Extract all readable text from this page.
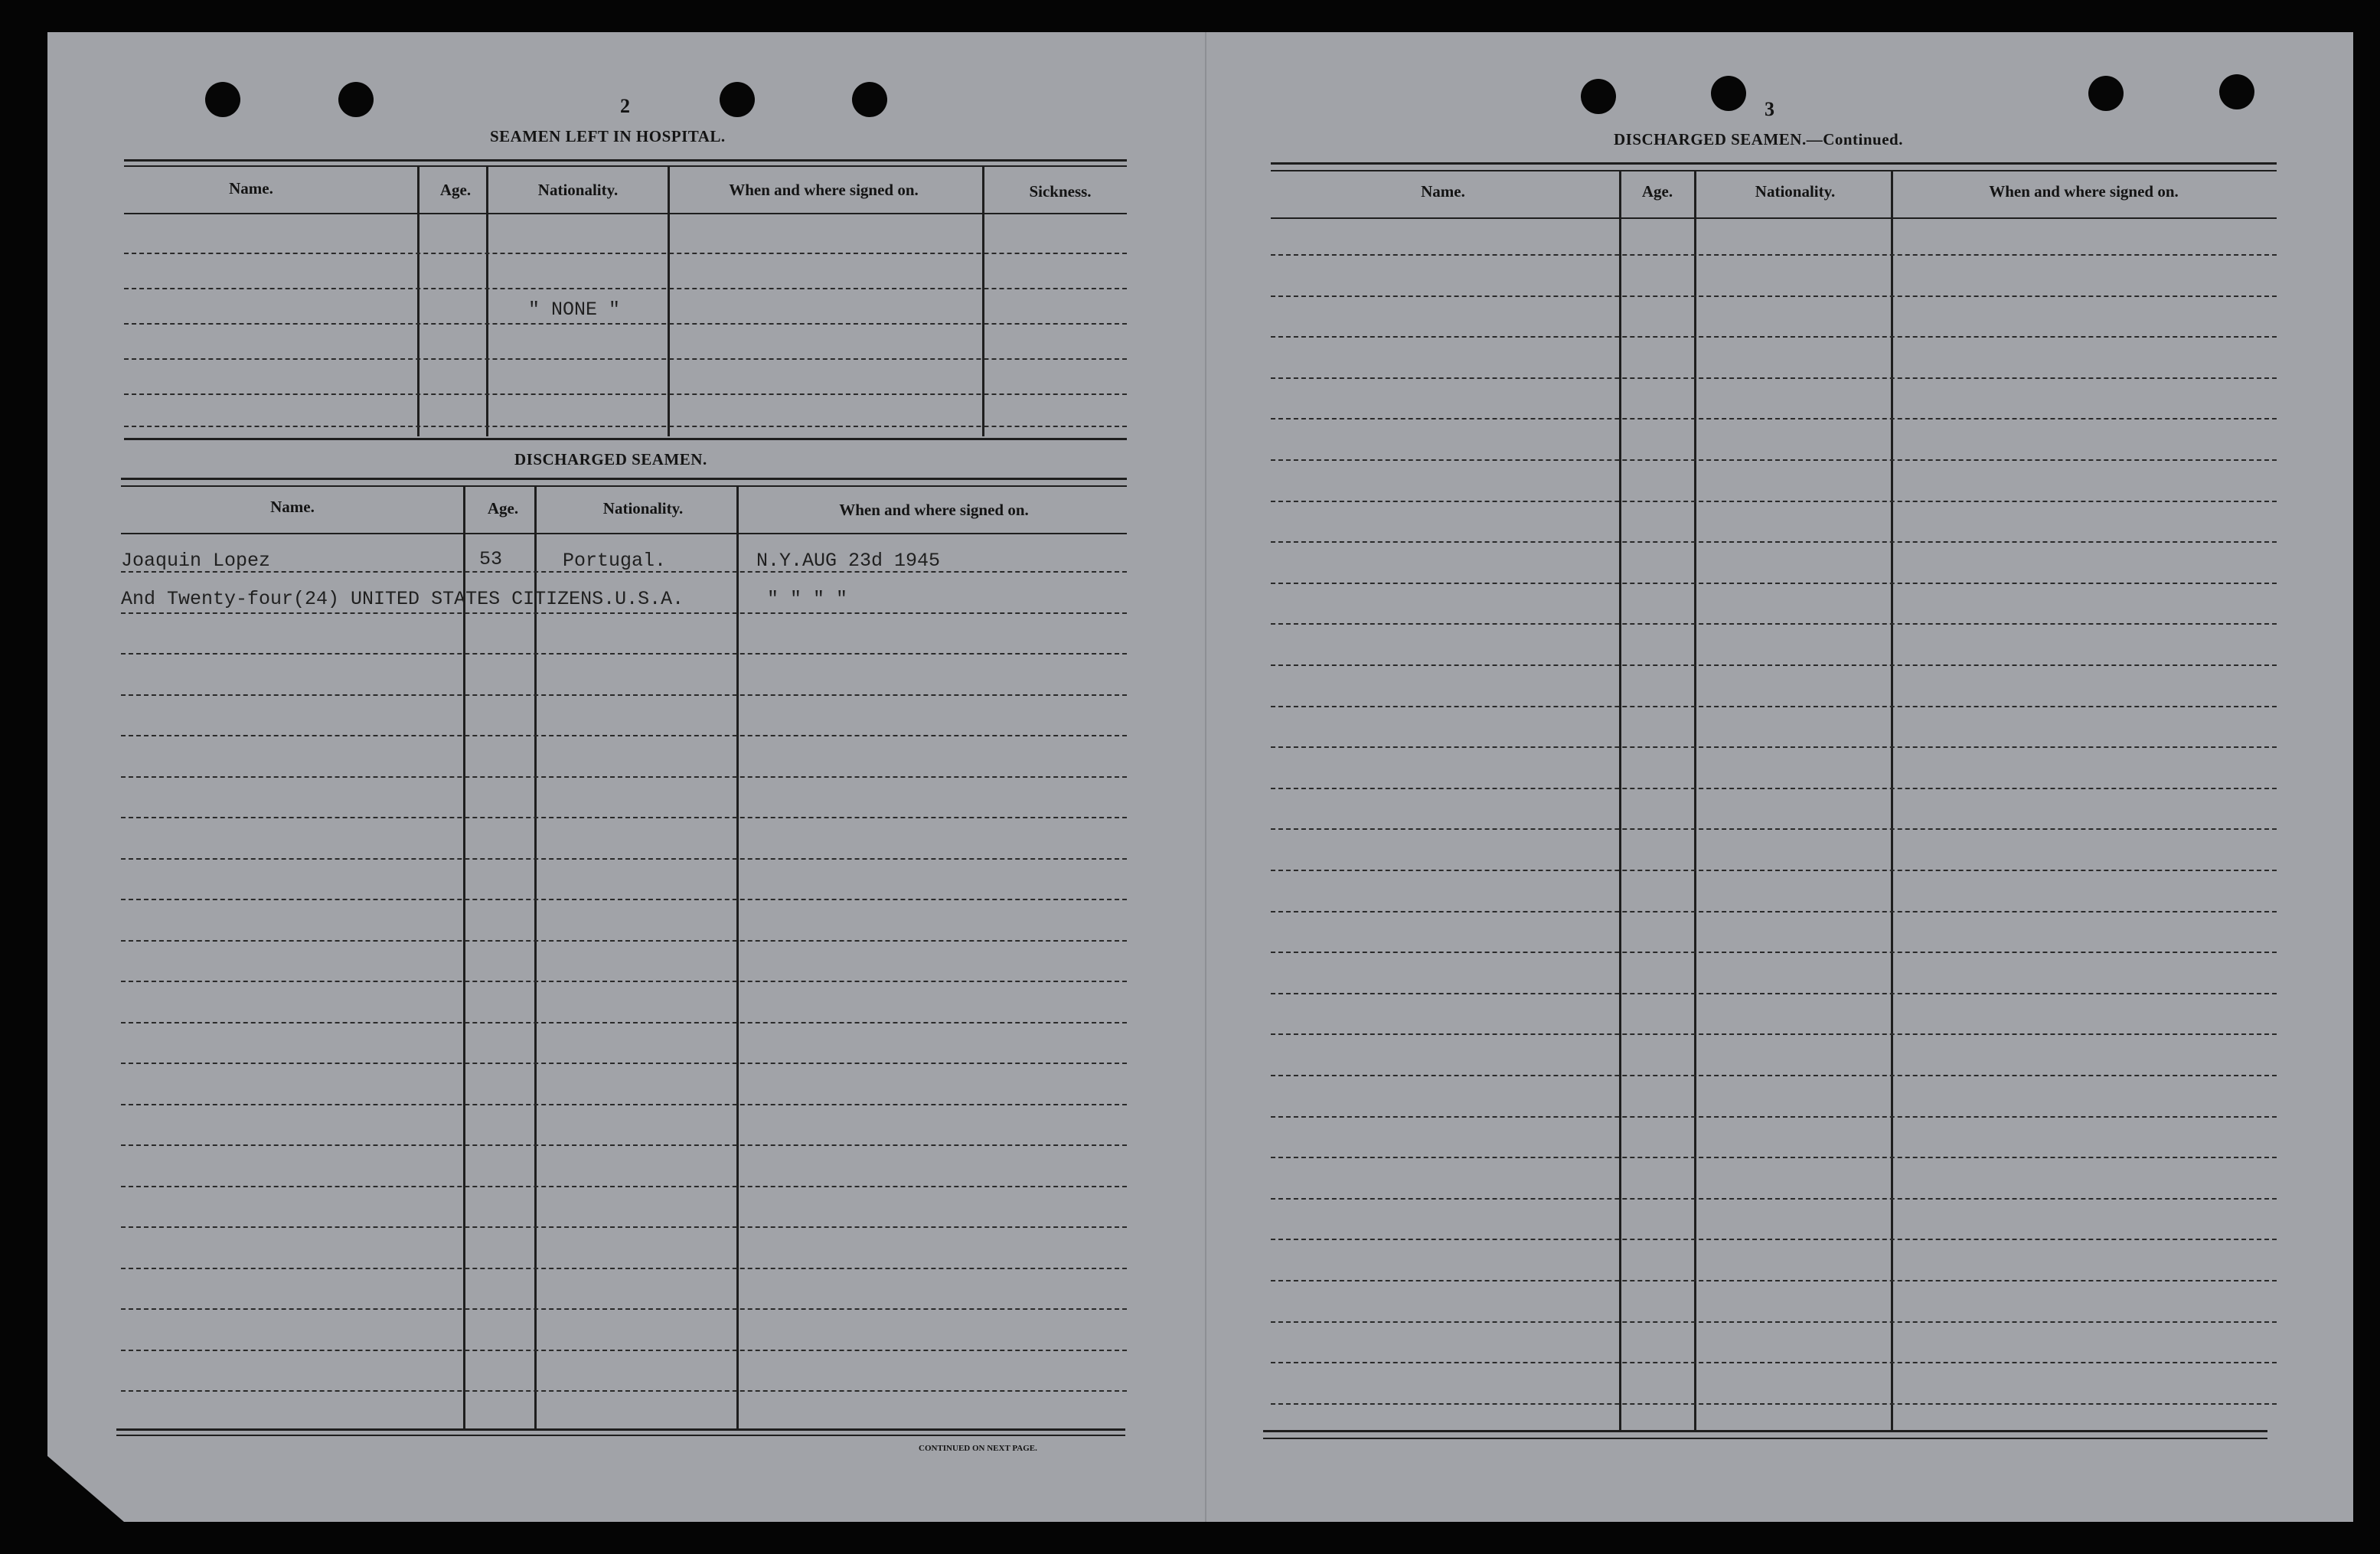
2
SEAMEN LEFT IN HOSPITAL.
Name.	Age.	Nationality.	When and where signed on.	Sickness.
" NONE "
DISCHARGED SEAMEN.
Name.	Age.	Nationality.	When and where signed on.
Joaquin Lopez	53	Portugal.	N.Y.AUG 23d 1945
And Twenty-four(24) UNITED STATES CITIZENS.U.S.A.	" " " "
CONTINUED ON NEXT PAGE.
3
DISCHARGED SEAMEN.—Continued.
Name.	Age.	Nationality.	When and where signed on.
